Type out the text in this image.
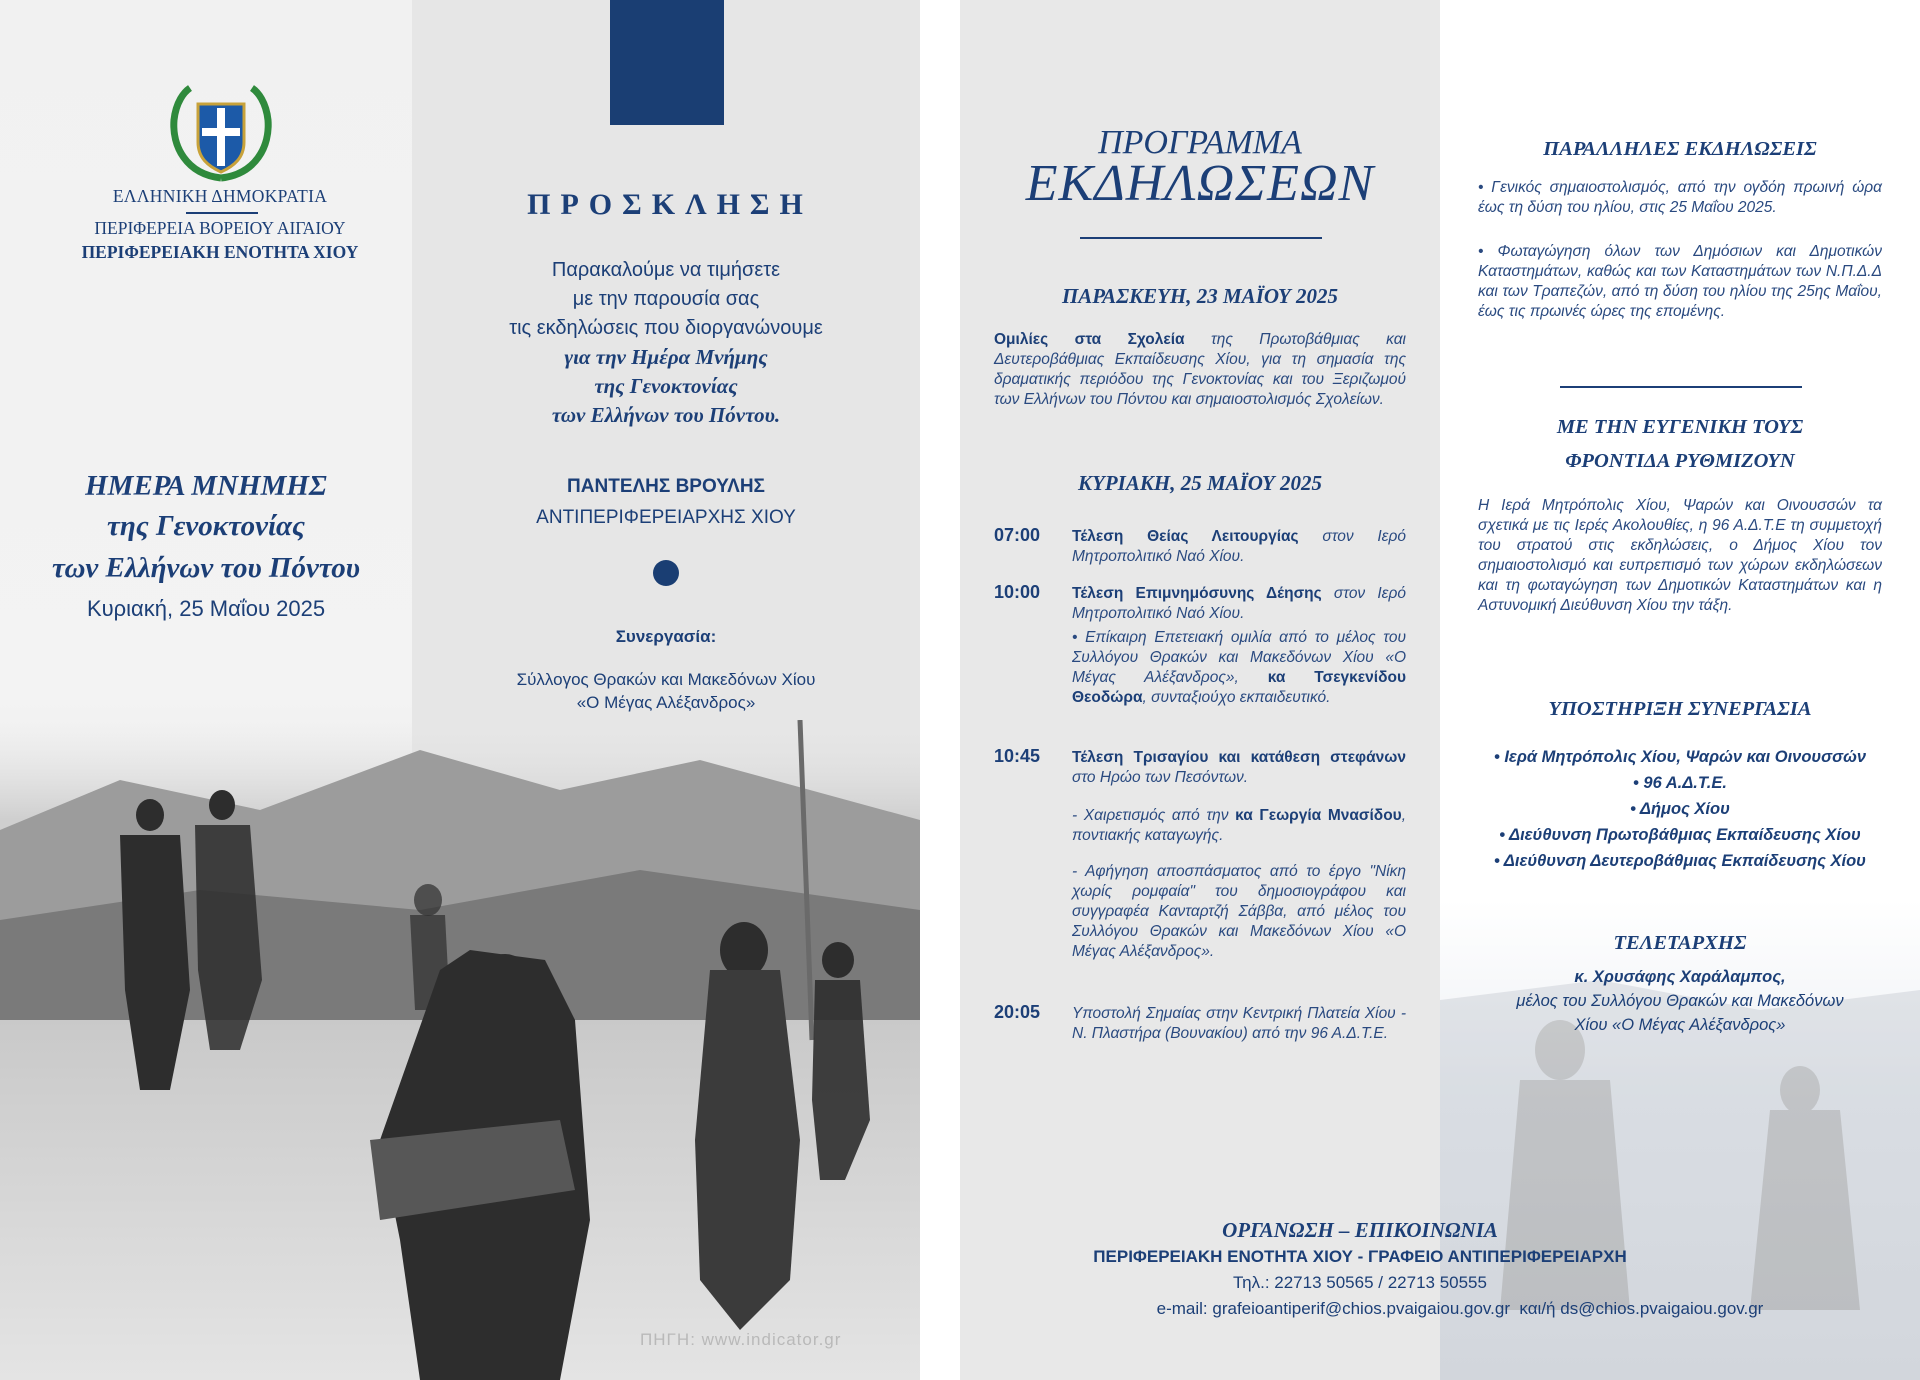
ΠΗΓΗ: www.indicator.gr
ΕΛΛΗΝΙΚΗ ΔΗΜΟΚΡΑΤΙΑ
ΠΕΡΙΦΕΡΕΙΑ ΒΟΡΕΙΟΥ ΑΙΓΑΙΟΥ
ΠΕΡΙΦΕΡΕΙΑΚΗ ΕΝΟΤΗΤΑ ΧΙΟΥ
ΗΜΕΡΑ ΜΝΗΜΗΣ
της Γενοκτονίας
των Ελλήνων του Πόντου
Κυριακή, 25 Μαΐου 2025
ΠΡΟΣΚΛΗΣΗ
Παρακαλούμε να τιμήσετε
με την παρουσία σας
τις εκδηλώσεις που διοργανώνουμε
για την Ημέρα Μνήμης
της Γενοκτονίας
των Ελλήνων του Πόντου.
ΠΑΝΤΕΛΗΣ ΒΡΟΥΛΗΣ
ΑΝΤΙΠΕΡΙΦΕΡΕΙΑΡΧΗΣ ΧΙΟΥ
Συνεργασία:
Σύλλογος Θρακών και Μακεδόνων Χίου
«Ο Μέγας Αλέξανδρος»
ΠΡΟΓΡΑΜΜΑ
ΕΚΔΗΛΩΣΕΩΝ
ΠΑΡΑΣΚΕΥΗ, 23 ΜΑΪΟΥ 2025

Ομιλίες στα Σχολεία της Πρωτοβάθμιας και Δευτεροβάθμιας Εκπαίδευσης Χίου, για τη σημασία της δραματικής περιόδου της Γενοκτονίας και του Ξεριζωμού των Ελλήνων του Πόντου και σημαιοστολισμός Σχολείων.

ΚΥΡΙΑΚΗ, 25 ΜΑΪΟΥ 2025
07:00	Τέλεση Θείας Λειτουργίας στον Ιερό Μητροπολιτικό Ναό Χίου.

10:00	Τέλεση Επιμνημόσυνης Δέησης στον Ιερό Μητροπολιτικό Ναό Χίου.

• Επίκαιρη Επετειακή ομιλία από το μέλος του Συλλόγου Θρακών και Μακεδόνων Χίου «Ο Μέγας Αλέξανδρος», κα Τσεγκενίδου Θεοδώρα, συνταξιούχο εκπαιδευτικό.

10:45	Τέλεση Τρισαγίου και κατάθεση στεφάνων στο Ηρώο των Πεσόντων.

- Χαιρετισμός από την κα Γεωργία Μνασίδου, ποντιακής καταγωγής.

- Αφήγηση αποσπάσματος από το έργο "Νίκη χωρίς ρομφαία" του δημοσιογράφου και συγγραφέα Κανταρτζή Σάββα, από μέλος του Συλλόγου Θρακών και Μακεδόνων Χίου «Ο Μέγας Αλέξανδρος».

20:05	Υποστολή Σημαίας στην Κεντρική Πλατεία Χίου - Ν. Πλαστήρα (Βουνακίου) από την 96 Α.Δ.Τ.Ε.

ΠΑΡΑΛΛΗΛΕΣ ΕΚΔΗΛΩΣΕΙΣ

• Γενικός σημαιοστολισμός, από την ογδόη πρωινή ώρα έως τη δύση του ηλίου, στις 25 Μαΐου 2025.

• Φωταγώγηση όλων των Δημόσιων και Δημοτικών Καταστημάτων, καθώς και των Καταστημάτων των Ν.Π.Δ.Δ και των Τραπεζών, από τη δύση του ηλίου της 25ης Μαΐου, έως τις πρωινές ώρες της επομένης.

ΜΕ ΤΗΝ ΕΥΓΕΝΙΚΗ ΤΟΥΣ
ΦΡΟΝΤΙΔΑ ΡΥΘΜΙΖΟΥΝ

Η Ιερά Μητρόπολις Χίου, Ψαρών και Οινουσσών τα σχετικά με τις Ιερές Ακολουθίες, η 96 Α.Δ.Τ.Ε τη συμμετοχή του στρατού στις εκδηλώσεις, ο Δήμος Χίου τον σημαιοστολισμό και ευπρεπισμό των χώρων εκδηλώσεων και τη φωταγώγηση των Δημοτικών Καταστημάτων και η Αστυνομική Διεύθυνση Χίου την τάξη.

ΥΠΟΣΤΗΡΙΞΗ ΣΥΝΕΡΓΑΣΙΑ
• Ιερά Μητρόπολις Χίου, Ψαρών και Οινουσσών
• 96 Α.Δ.Τ.Ε.
• Δήμος Χίου
• Διεύθυνση Πρωτοβάθμιας Εκπαίδευσης Χίου
• Διεύθυνση Δευτεροβάθμιας Εκπαίδευσης Χίου
ΤΕΛΕΤΑΡΧΗΣ
κ. Χρυσάφης Χαράλαμπος,
μέλος του Συλλόγου Θρακών και Μακεδόνων
Χίου «Ο Μέγας Αλέξανδρος»
ΟΡΓΑΝΩΣΗ – ΕΠΙΚΟΙΝΩΝΙΑ
ΠΕΡΙΦΕΡΕΙΑΚΗ ΕΝΟΤΗΤΑ ΧΙΟΥ - ΓΡΑΦΕΙΟ ΑΝΤΙΠΕΡΙΦΕΡΕΙΑΡΧΗ
Τηλ.: 22713 50565 / 22713 50555
e-mail: grafeioantiperif@chios.pvaigaiou.gov.gr  και/ή ds@chios.pvaigaiou.gov.gr
